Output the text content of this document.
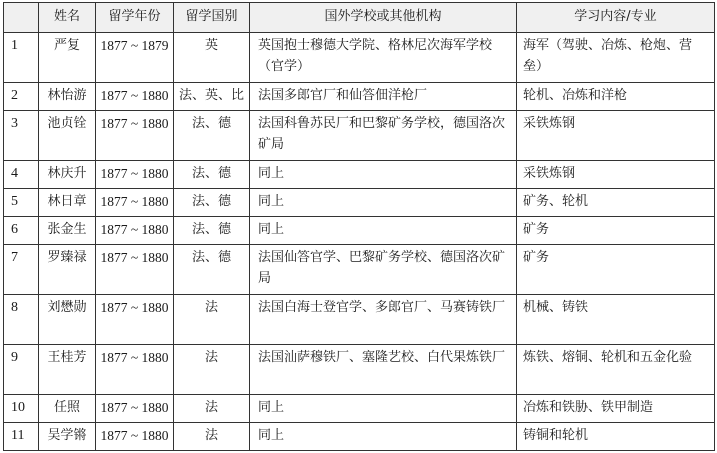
	姓名	留学年份	留学国别	国外学校或其他机构	学习内容/专业
1	严复	1877 ~ 1879	英	英国抱士穆德大学院、格林尼次海军学校（官学）	海军（驾驶、冶炼、枪炮、营垒）
2	林怡游	1877 ~ 1880	法、英、比	法国多郎官厂和仙答佃洋枪厂	轮机、冶炼和洋枪
3	池贞铨	1877 ~ 1880	法、德	法国科鲁苏民厂和巴黎矿务学校，德国洛次矿局	采铁炼钢
4	林庆升	1877 ~ 1880	法、德	同上	采铁炼钢
5	林日章	1877 ~ 1880	法、德	同上	矿务、轮机
6	张金生	1877 ~ 1880	法、德	同上	矿务
7	罗臻禄	1877 ~ 1880	法、德	法国仙答官学、巴黎矿务学校、德国洛次矿局	矿务
8	刘懋勋	1877 ~ 1880	法	法国白海士登官学、多郎官厂、马赛铸铁厂	机械、铸铁
9	王桂芳	1877 ~ 1880	法	法国汕萨穆铁厂、塞隆艺校、白代果炼铁厂	炼铁、熔铜、轮机和五金化验
10	任照	1877 ~ 1880	法	同上	冶炼和铁胁、铁甲制造
11	吴学锵	1877 ~ 1880	法	同上	铸铜和轮机
